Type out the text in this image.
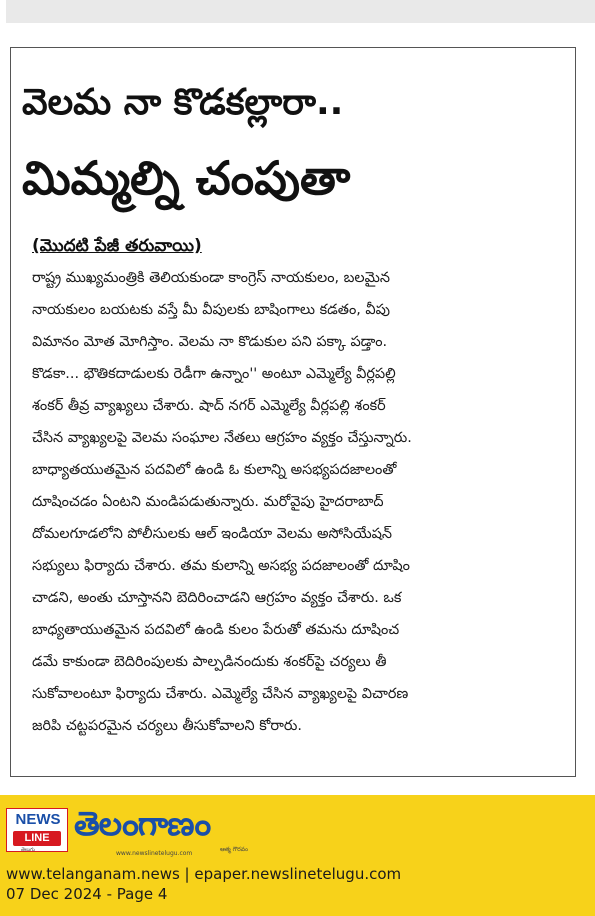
వెలమ నా కొడకల్లారా..
మిమ్మల్ని చంపుతా
(మొదటి పేజీ తరువాయి)

రాష్ట్ర ముఖ్యమంత్రికి తెలియకుండా కాంగ్రెస్ నాయకులం, బలమైన
నాయకులం బయటకు వస్తే మీ వీపులకు బాషింగాలు కడతం, వీపు
విమానం మోత మోగిస్తాం. వెలమ నా కొడుకుల పని పక్కా పడ్తాం.
కొడకా... భౌతికదాడులకు రెడీగా ఉన్నాం'' అంటూ ఎమ్మెల్యే వీర్లపల్లి
శంకర్ తీవ్ర వ్యాఖ్యలు చేశారు. షాద్ నగర్ ఎమ్మెల్యే వీర్లపల్లి శంకర్
చేసిన వ్యాఖ్యలపై వెలమ సంఘాల నేతలు ఆగ్రహం వ్యక్తం చేస్తున్నారు.
బాధ్యాతయుతమైన పదవిలో ఉండి ఓ కులాన్ని అసభ్యపదజాలంతో
దూషించడం ఏంటని మండిపడుతున్నారు. మరోవైపు హైదరాబాద్
దోమలగూడలోని పోలీసులకు ఆల్ ఇండియా వెలమ అసోసియేషన్
సభ్యులు ఫిర్యాదు చేశారు. తమ కులాన్ని అసభ్య పదజాలంతో దూషిం
చాడని, అంతు చూస్తానని బెదిరించాడని ఆగ్రహం వ్యక్తం చేశారు. ఒక
బాధ్యతాయుతమైన పదవిలో ఉండి కులం పేరుతో తమను దూషించ
డమే కాకుండా బెదిరింపులకు పాల్పడినందుకు శంకర్‌పై చర్యలు తీ
సుకోవాలంటూ ఫిర్యాదు చేశారు. ఎమ్మెల్యే చేసిన వ్యాఖ్యలపై విచారణ
జరిపి చట్టపరమైన చర్యలు తీసుకోవాలని కోరారు.

NEWS
LINE
తెలుగు
తెలంగాణం
ఆత్మ గౌరవం
www.newslinetelugu.com
www.telanganam.news | epaper.newslinetelugu.com
07 Dec 2024 - Page 4
